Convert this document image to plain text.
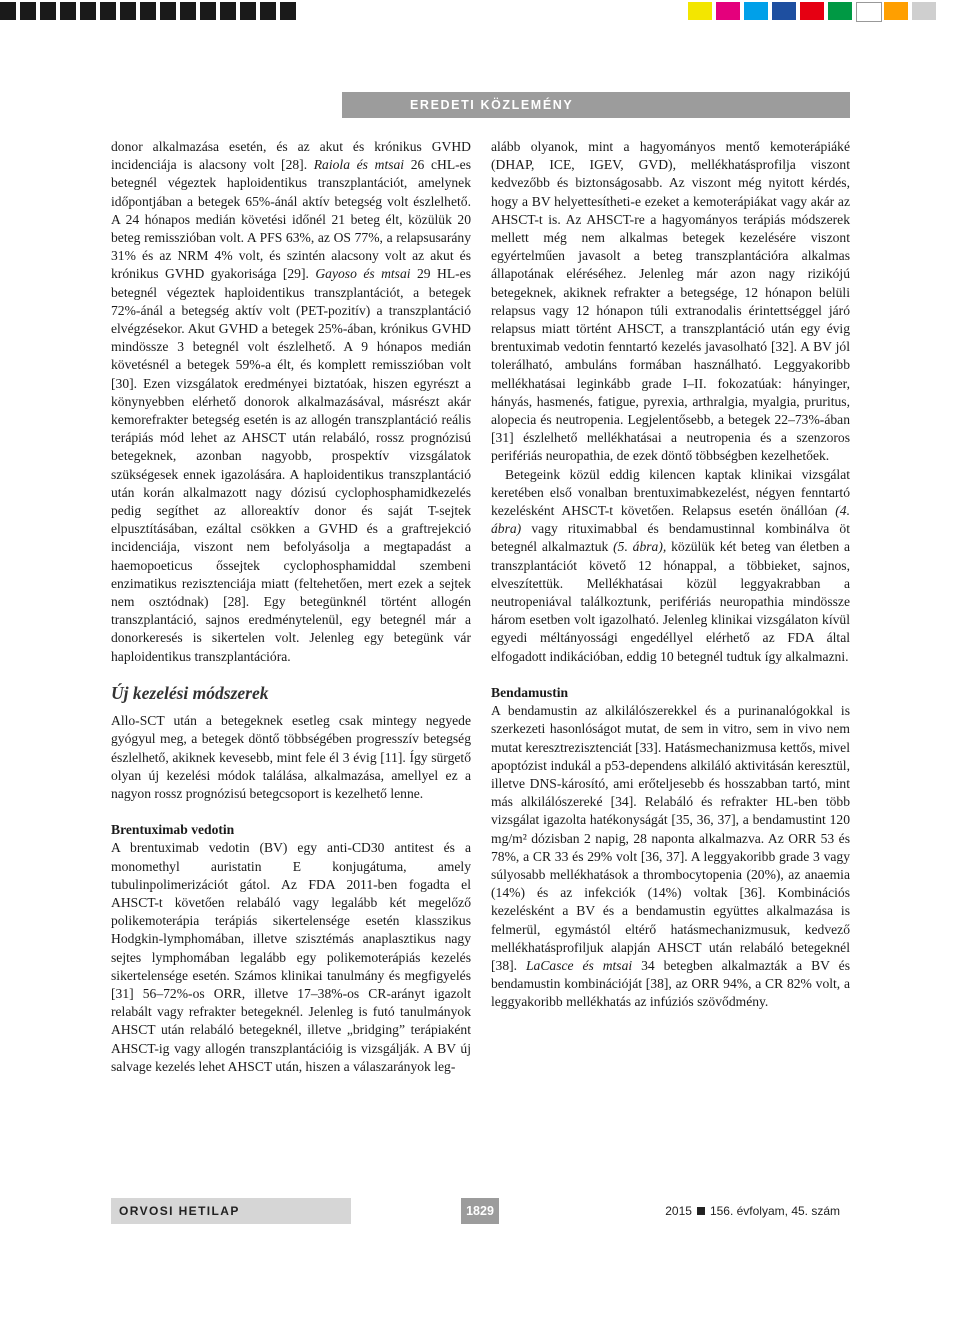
EREDETI KÖZLEMÉNY

donor alkalmazása esetén, és az akut és krónikus GVHD incidenciája is alacsony volt [28]. Raiola és mtsai 26 cHL-es betegnél végeztek haploidentikus transzplantációt, amelynek időpontjában a betegek 65%-ánál aktív betegség volt észlelhető. A 24 hónapos medián követési időnél 21 beteg élt, közülük 20 beteg remisszióban volt. A PFS 63%, az OS 77%, a relapsusarány 31% és az NRM 4% volt, és szintén alacsony volt az akut és krónikus GVHD gyakorisága [29]. Gayoso és mtsai 29 HL-es betegnél végeztek haploidentikus transzplantációt, a betegek 72%-ánál a betegség aktív volt (PET-pozitív) a transzplantáció elvégzésekor. Akut GVHD a betegek 25%-ában, krónikus GVHD mindössze 3 betegnél volt észlelhető. A 9 hónapos medián követésnél a betegek 59%-a élt, és komplett remisszióban volt [30]. Ezen vizsgálatok eredményei biztatóak, hiszen egyrészt a könynyebben elérhető donorok alkalmazásával, másrészt akár kemorefrakter betegség esetén is az allogén transzplantáció reális terápiás mód lehet az AHSCT után relabáló, rossz prognózisú betegeknek, azonban nagyobb, prospektív vizsgálatok szükségesek ennek igazolására. A haploidentikus transzplantáció után korán alkalmazott nagy dózisú cyclophosphamidkezelés pedig segíthet az alloreaktív donor és saját T-sejtek elpusztításában, ezáltal csökken a GVHD és a graftrejekció incidenciája, viszont nem befolyásolja a megtapadást a haemopoeticus őssejtek cyclophosphamiddal szembeni enzimatikus rezisztenciája miatt (feltehetően, mert ezek a sejtek nem osztódnak) [28]. Egy betegünknél történt allogén transzplantáció, sajnos eredménytelenül, egy betegnél már a donorkeresés is sikertelen volt. Jelenleg egy betegünk vár haploidentikus transzplantációra.

Új kezelési módszerek

Allo-SCT után a betegeknek esetleg csak mintegy negyede gyógyul meg, a betegek döntő többségében progresszív betegség észlelhető, akiknek kevesebb, mint fele él 3 évig [11]. Így sürgető olyan új kezelési módok találása, alkalmazása, amellyel ez a nagyon rossz prognózisú betegcsoport is kezelhető lenne.

Brentuximab vedotin

A brentuximab vedotin (BV) egy anti-CD30 antitest és a monomethyl auristatin E konjugátuma, amely tubulinpolimerizációt gátol. Az FDA 2011-ben fogadta el AHSCT-t követően relabáló vagy legalább két megelőző polikemoterápia terápiás sikertelensége esetén klasszikus Hodgkin-lymphomában, illetve szisztémás anaplasztikus nagy sejtes lymphomában legalább egy polikemoterápiás kezelés sikertelensége esetén. Számos klinikai tanulmány és megfigyelés [31] 56–72%-os ORR, illetve 17–38%-os CR-arányt igazolt relabált vagy refrakter betegeknél. Jelenleg is futó tanulmányok AHSCT után relabáló betegeknél, illetve „bridging” terápiaként AHSCT-ig vagy allogén transzplantációig is vizsgálják. A BV új salvage kezelés lehet AHSCT után, hiszen a válaszarányok leg-

alább olyanok, mint a hagyományos mentő kemoterápiáké (DHAP, ICE, IGEV, GVD), mellékhatásprofilja viszont kedvezőbb és biztonságosabb. Az viszont még nyitott kérdés, hogy a BV helyettesítheti-e ezeket a kemoterápiákat vagy akár az AHSCT-t is. Az AHSCT-re a hagyományos terápiás módszerek mellett még nem alkalmas betegek kezelésére viszont egyértelműen javasolt a beteg transzplantációra alkalmas állapotának eléréséhez. Jelenleg már azon nagy rizikójú betegeknek, akiknek refrakter a betegsége, 12 hónapon belüli relapsus vagy 12 hónapon túli extranodalis érintettséggel járó relapsus miatt történt AHSCT, a transzplantáció után egy évig brentuximab vedotin fenntartó kezelés javasolható [32]. A BV jól tolerálható, ambuláns formában használható. Leggyakoribb mellékhatásai leginkább grade I–II. fokozatúak: hányinger, hányás, hasmenés, fatigue, pyrexia, arthralgia, myalgia, pruritus, alopecia és neutropenia. Legjelentősebb, a betegek 22–73%-ában [31] észlelhető mellékhatásai a neutropenia és a szenzoros perifériás neuropathia, de ezek döntő többségben kezelhetőek.

Betegeink közül eddig kilencen kaptak klinikai vizsgálat keretében első vonalban brentuximabkezelést, négyen fenntartó kezelésként AHSCT-t követően. Relapsus esetén önállóan (4. ábra) vagy rituximabbal és bendamustinnal kombinálva öt betegnél alkalmaztuk (5. ábra), közülük két beteg van életben a transzplantációt követő 12 hónappal, a többieket, sajnos, elveszítettük. Mellékhatásai közül leggyakrabban a neutropeniával találkoztunk, perifériás neuropathia mindössze három esetben volt igazolható. Jelenleg klinikai vizsgálaton kívül egyedi méltányossági engedéllyel elérhető az FDA által elfogadott indikációban, eddig 10 betegnél tudtuk így alkalmazni.

Bendamustin

A bendamustin az alkilálószerekkel és a purinanalógokkal is szerkezeti hasonlóságot mutat, de sem in vitro, sem in vivo nem mutat keresztrezisztenciát [33]. Hatásmechanizmusa kettős, mivel apoptózist indukál a p53-dependens alkiláló aktivitásán keresztül, illetve DNS-károsító, ami erőteljesebb és hosszabban tartó, mint más alkilálószereké [34]. Relabáló és refrakter HL-ben több vizsgálat igazolta hatékonyságát [35, 36, 37], a bendamustint 120 mg/m² dózisban 2 napig, 28 naponta alkalmazva. Az ORR 53 és 78%, a CR 33 és 29% volt [36, 37]. A leggyakoribb grade 3 vagy súlyosabb mellékhatások a thrombocytopenia (20%), az anaemia (14%) és az infekciók (14%) voltak [36]. Kombinációs kezelésként a BV és a bendamustin együttes alkalmazása is felmerül, egymástól eltérő hatásmechanizmusuk, kedvező mellékhatásprofiljuk alapján AHSCT után relabáló betegeknél [38]. LaCasce és mtsai 34 betegben alkalmazták a BV és bendamustin kombinációját [38], az ORR 94%, a CR 82% volt, a leggyakoribb mellékhatás az infúziós szövődmény.

ORVOSI HETILAP	1829	2015 156. évfolyam, 45. szám
